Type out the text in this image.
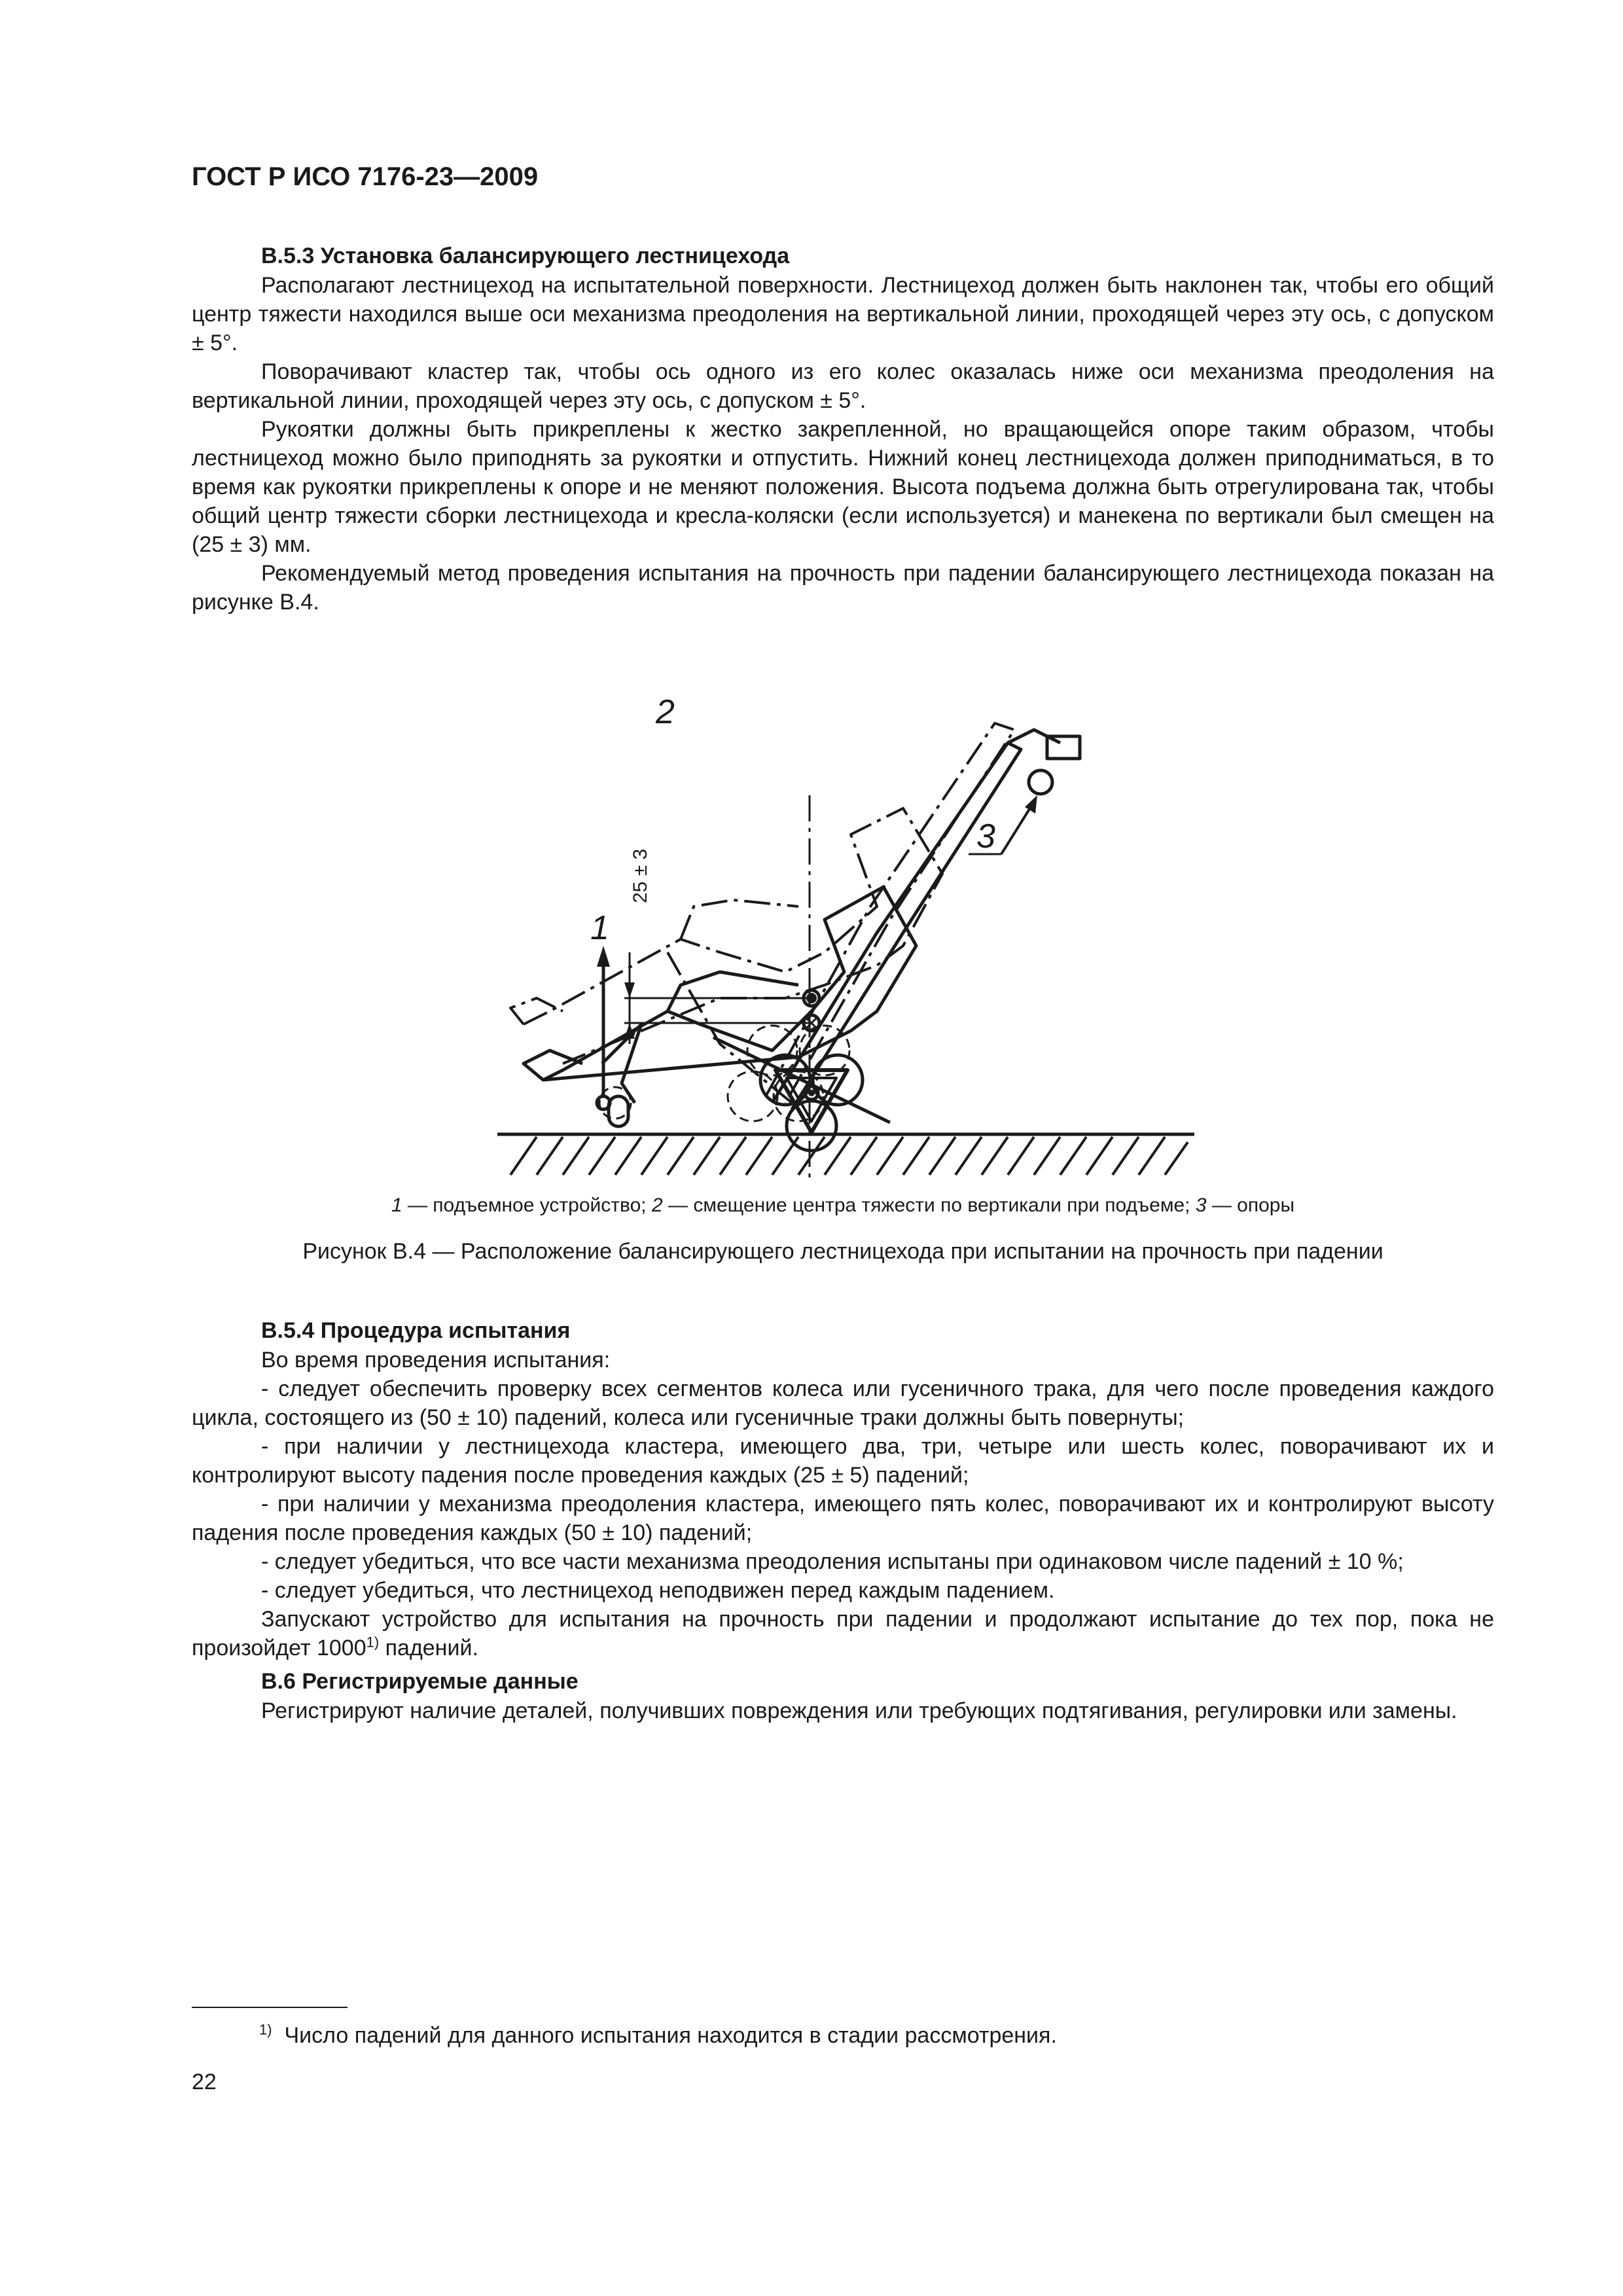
ГОСТ Р ИСО 7176-23—2009
В.5.3 Установка балансирующего лестницехода

Располагают лестницеход на испытательной поверхности. Лестницеход должен быть наклонен так, чтобы его общий центр тяжести находился выше оси механизма преодоления на вертикальной линии, проходящей через эту ось, с допуском ± 5°.

Поворачивают кластер так, чтобы ось одного из его колес оказалась ниже оси механизма преодоления на вертикальной линии, проходящей через эту ось, с допуском ± 5°.

Рукоятки должны быть прикреплены к жестко закрепленной, но вращающейся опоре таким образом, чтобы лестницеход можно было приподнять за рукоятки и отпустить. Нижний конец лестницехода должен приподниматься, в то время как рукоятки прикреплены к опоре и не меняют положения. Высота подъема должна быть отрегулирована так, чтобы общий центр тяжести сборки лестницехода и кресла-коляски (если используется) и манекена по вертикали был смещен на (25 ± 3) мм.

Рекомендуемый метод проведения испытания на прочность при падении балансирующего лестницехода показан на рисунке В.4.

1
2
3
25 ± 3
1 — подъемное устройство; 2 — смещение центра тяжести по вертикали при подъеме; 3 — опоры
Рисунок В.4 — Расположение балансирующего лестницехода при испытании на прочность при падении
В.5.4 Процедура испытания

Во время проведения испытания:

- следует обеспечить проверку всех сегментов колеса или гусеничного трака, для чего после проведения каждого цикла, состоящего из (50 ± 10) падений, колеса или гусеничные траки должны быть повернуты;

- при наличии у лестницехода кластера, имеющего два, три, четыре или шесть колес, поворачивают их и контролируют высоту падения после проведения каждых (25 ± 5) падений;

- при наличии у механизма преодоления кластера, имеющего пять колес, поворачивают их и контролируют высоту падения после проведения каждых (50 ± 10) падений;

- следует убедиться, что все части механизма преодоления испытаны при одинаковом числе падений ± 10 %;

- следует убедиться, что лестницеход неподвижен перед каждым падением.

Запускают устройство для испытания на прочность при падении и продолжают испытание до тех пор, пока не произойдет 1000$^{1)}$ падений.

В.6 Регистрируемые данные

Регистрируют наличие деталей, получивших повреждения или требующих подтягивания, регулировки или замены.

$^{1)}$ Число падений для данного испытания находится в стадии рассмотрения.
22
